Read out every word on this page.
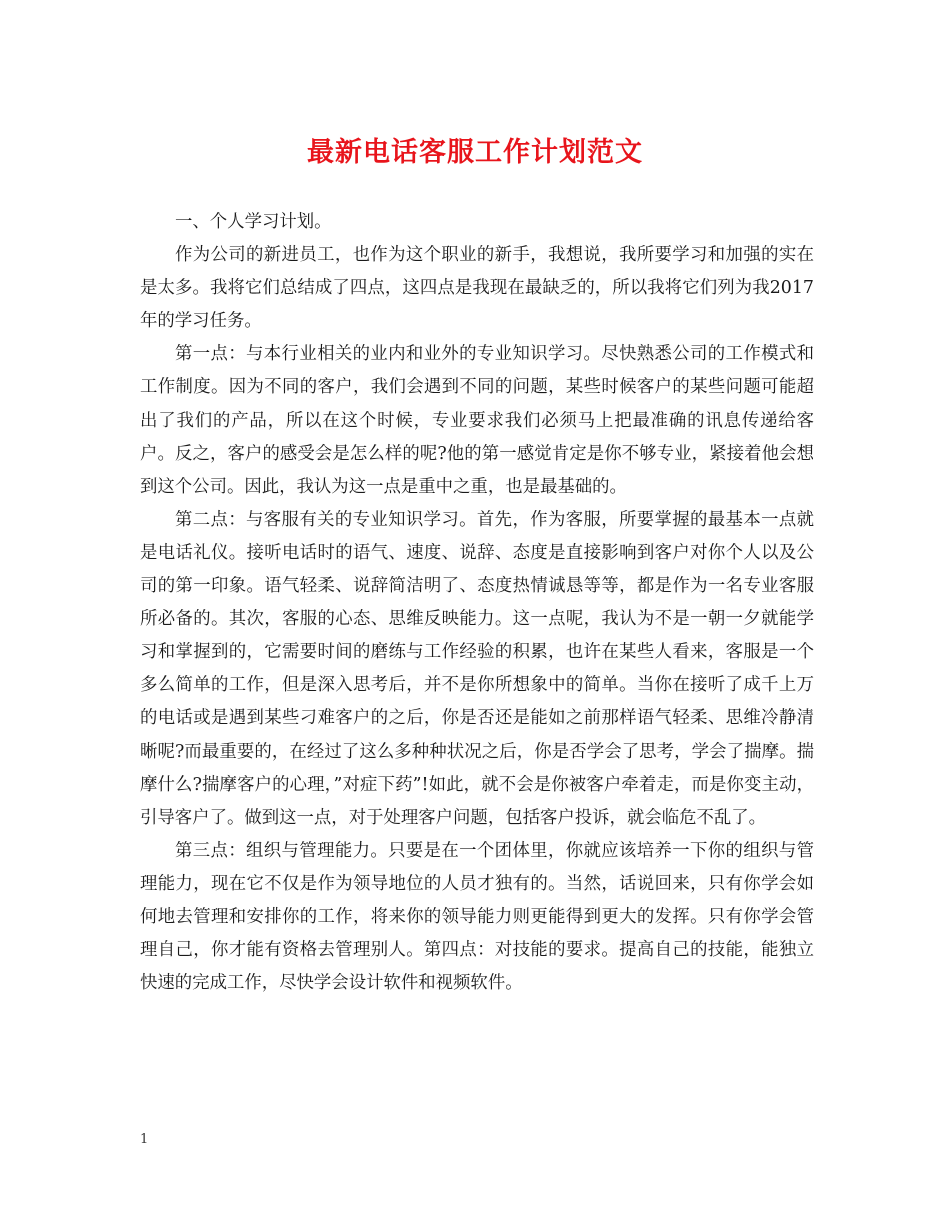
最新电话客服工作计划范文

一、个人学习计划。

作为公司的新进员工，也作为这个职业的新手，我想说，我所要学习和加强的实在是太多。我将它们总结成了四点，这四点是我现在最缺乏的，所以我将它们列为我2017年的学习任务。

第一点：与本行业相关的业内和业外的专业知识学习。尽快熟悉公司的工作模式和工作制度。因为不同的客户，我们会遇到不同的问题，某些时候客户的某些问题可能超出了我们的产品，所以在这个时候，专业要求我们必须马上把最准确的讯息传递给客户。反之，客户的感受会是怎么样的呢?他的第一感觉肯定是你不够专业，紧接着他会想到这个公司。因此，我认为这一点是重中之重，也是最基础的。

第二点：与客服有关的专业知识学习。首先，作为客服，所要掌握的最基本一点就是电话礼仪。接听电话时的语气、速度、说辞、态度是直接影响到客户对你个人以及公司的第一印象。语气轻柔、说辞简洁明了、态度热情诚恳等等，都是作为一名专业客服所必备的。其次，客服的心态、思维反映能力。这一点呢，我认为不是一朝一夕就能学习和掌握到的，它需要时间的磨练与工作经验的积累，也许在某些人看来，客服是一个多么简单的工作，但是深入思考后，并不是你所想象中的简单。当你在接听了成千上万的电话或是遇到某些刁难客户的之后，你是否还是能如之前那样语气轻柔、思维冷静清晰呢?而最重要的，在经过了这么多种种状况之后，你是否学会了思考，学会了揣摩。揣摩什么?揣摩客户的心理，”对症下药”!如此，就不会是你被客户牵着走，而是你变主动，引导客户了。做到这一点，对于处理客户问题，包括客户投诉，就会临危不乱了。

第三点：组织与管理能力。只要是在一个团体里，你就应该培养一下你的组织与管理能力，现在它不仅是作为领导地位的人员才独有的。当然，话说回来，只有你学会如何地去管理和安排你的工作，将来你的领导能力则更能得到更大的发挥。只有你学会管理自己，你才能有资格去管理别人。第四点：对技能的要求。提高自己的技能，能独立快速的完成工作，尽快学会设计软件和视频软件。

1
